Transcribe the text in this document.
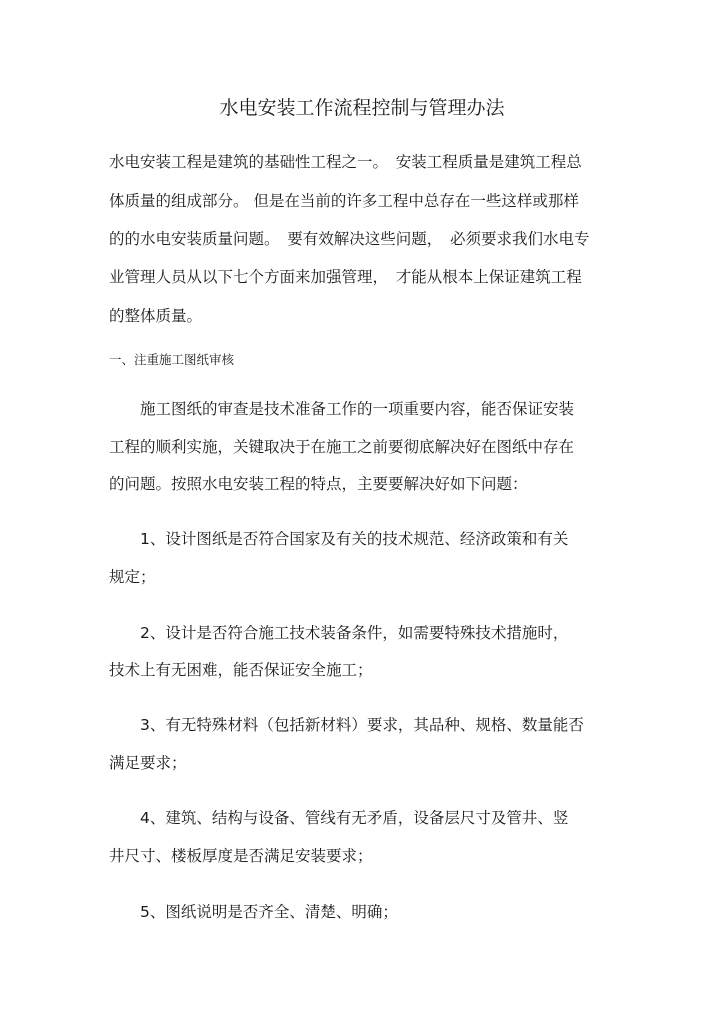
水电安装工作流程控制与管理办法

水电安装工程是建筑的基础性工程之一。　安装工程质量是建筑工程总

体质量的组成部分。 但是在当前的许多工程中总存在一些这样或那样

的的水电安装质量问题。　要有效解决这些问题，　必须要求我们水电专

业管理人员从以下七个方面来加强管理，　才能从根本上保证建筑工程

的整体质量。

一、注重施工图纸审核

施工图纸的审查是技术准备工作的一项重要内容，能否保证安装

工程的顺利实施，关键取决于在施工之前要彻底解决好在图纸中存在

的问题。按照水电安装工程的特点，主要要解决好如下问题：

1、设计图纸是否符合国家及有关的技术规范、经济政策和有关

规定；

2、设计是否符合施工技术装备条件，如需要特殊技术措施时，

技术上有无困难，能否保证安全施工；

3、有无特殊材料（包括新材料）要求，其品种、规格、数量能否

满足要求；

4、建筑、结构与设备、管线有无矛盾，设备层尺寸及管井、竖

井尺寸、楼板厚度是否满足安装要求；

5、图纸说明是否齐全、清楚、明确；
